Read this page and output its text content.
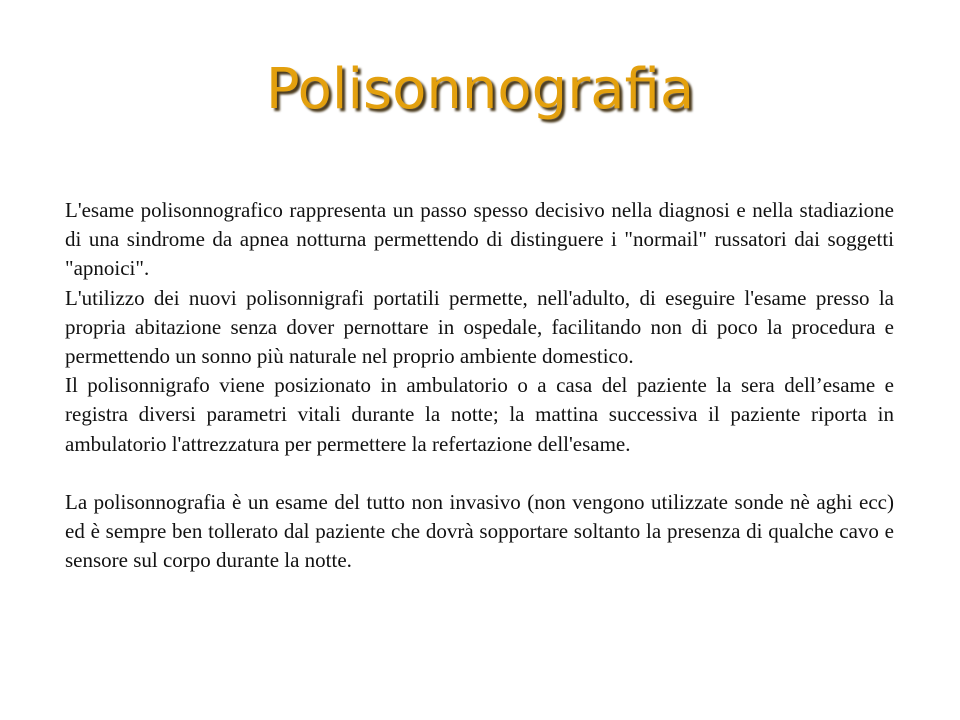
Polisonnografia

L'esame polisonnografico rappresenta un passo spesso decisivo nella diagnosi e nella stadiazione di una sindrome da apnea notturna permettendo di distinguere i "normail" russatori dai soggetti "apnoici".

L'utilizzo dei nuovi polisonnigrafi portatili permette, nell'adulto, di eseguire l'esame presso la propria abitazione senza dover pernottare in ospedale, facilitando non di poco la procedura e permettendo un sonno più naturale nel proprio ambiente domestico.

Il polisonnigrafo viene posizionato in ambulatorio o a casa del paziente la sera dell’esame e registra diversi parametri vitali durante la notte; la mattina successiva il paziente riporta in ambulatorio l'attrezzatura per permettere la refertazione dell'esame.

La polisonnografia è un esame del tutto non invasivo (non vengono utilizzate sonde nè aghi ecc) ed è sempre ben tollerato dal paziente che dovrà sopportare soltanto la presenza di qualche cavo e sensore sul corpo durante la notte.
